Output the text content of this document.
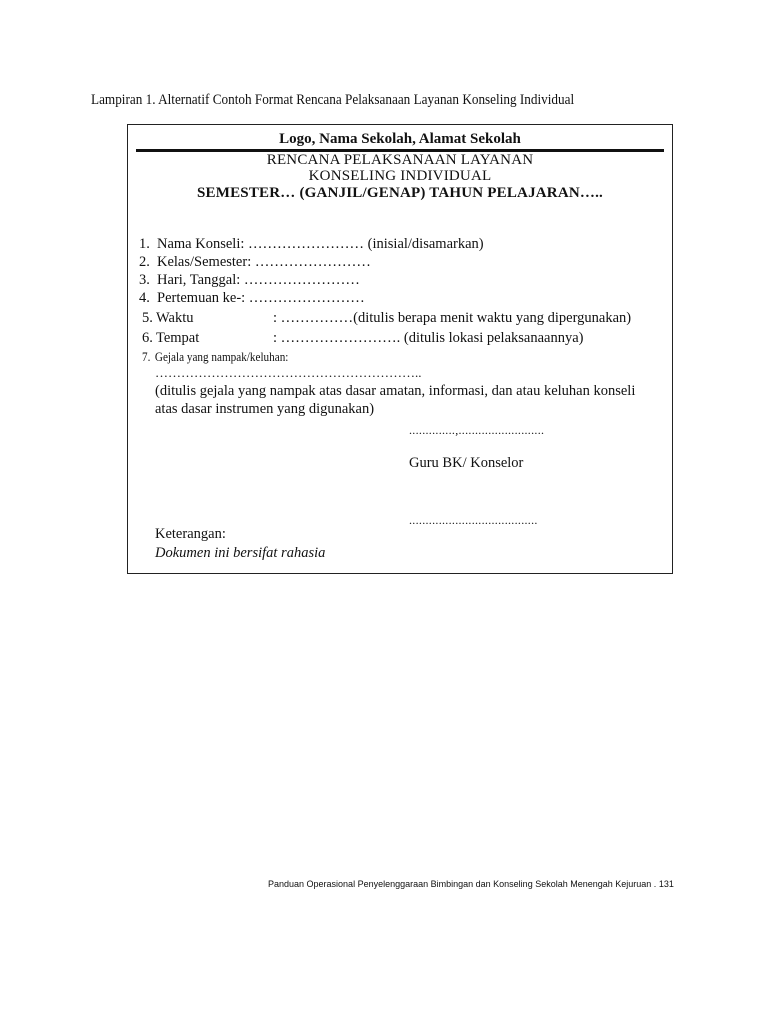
Lampiran 1. Alternatif Contoh Format Rencana Pelaksanaan Layanan Konseling Individual
Logo, Nama Sekolah, Alamat Sekolah
RENCANA PELAKSANAAN LAYANAN
KONSELING INDIVIDUAL
SEMESTER… (GANJIL/GENAP) TAHUN PELAJARAN…..
1. Nama Konseli: …………………… (inisial/disamarkan)
2. Kelas/Semester: ……………………
3. Hari, Tanggal: ……………………
4. Pertemuan ke-: ……………………
5. Waktu	: ……………(ditulis berapa menit waktu yang dipergunakan)
6. Tempat	: ……………………. (ditulis lokasi pelaksanaannya)
7. Gejala yang nampak/keluhan:
……………………………………………………..
(ditulis gejala yang nampak atas dasar amatan, informasi, dan atau keluhan konseli
atas dasar instrumen yang digunakan)
..............,..........................
Guru BK/ Konselor
.......................................
Keterangan:
Dokumen ini bersifat rahasia
Panduan Operasional Penyelenggaraan Bimbingan dan Konseling Sekolah Menengah Kejuruan . 131
